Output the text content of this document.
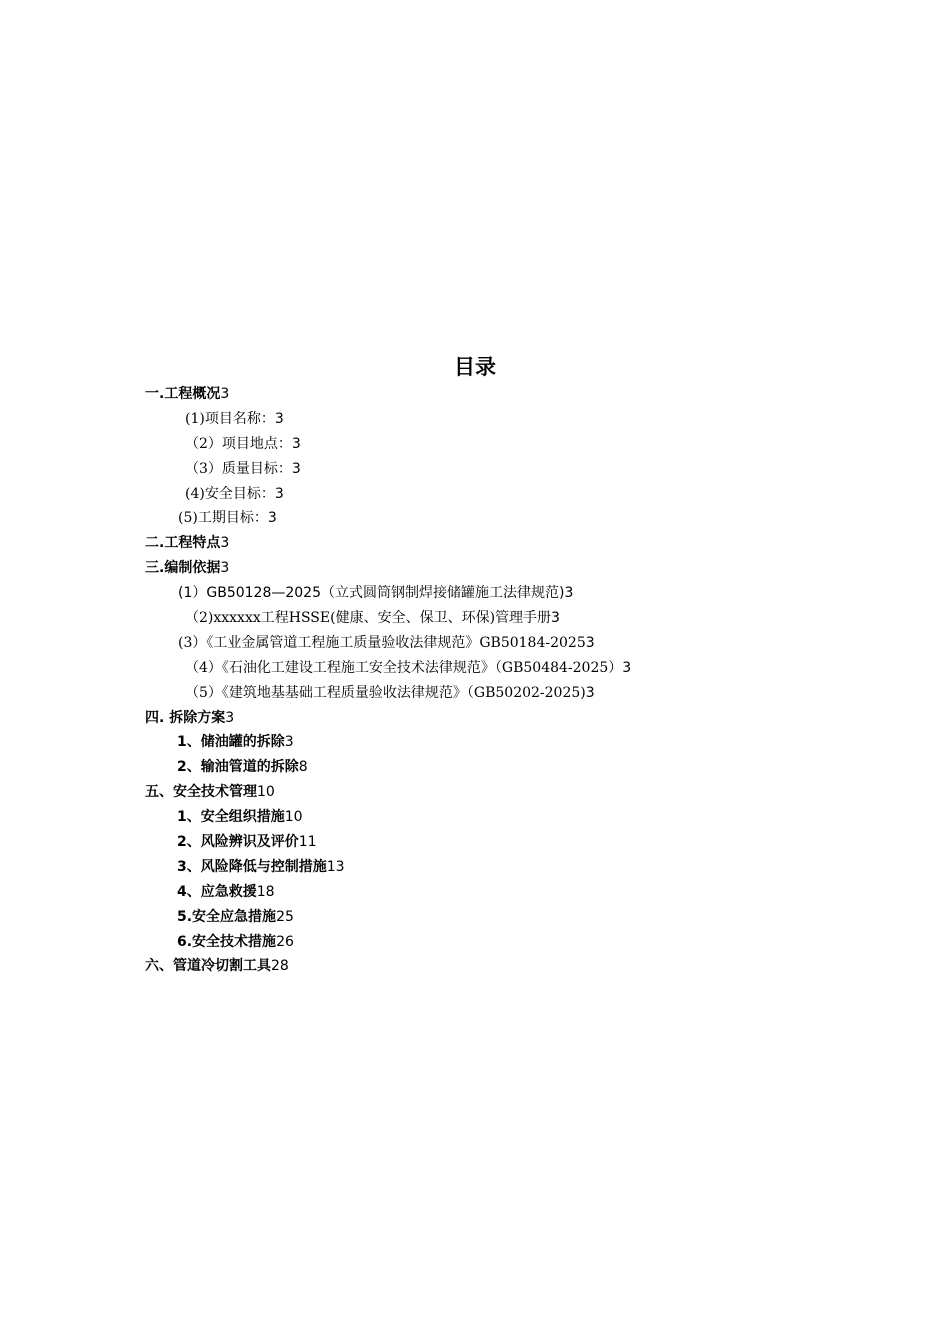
目录
一.工程概况3
(1)项目名称：3
（2）项目地点：3
（3）质量目标：3
(4)安全目标：3
(5)工期目标：3
二.工程特点3
三.编制依据3
(1）GB50128—2025（立式圆筒钢制焊接储罐施工法律规范)3
（2)xxxxxx工程HSSE(健康、安全、保卫、环保)管理手册3
(3）《工业金属管道工程施工质量验收法律规范》GB50184-20253
（4）《石油化工建设工程施工安全技术法律规范》（GB50484-2025）3
（5）《建筑地基基础工程质量验收法律规范》（GB50202-2025)3
四. 拆除方案3
1、储油罐的拆除3
2、输油管道的拆除8
五、安全技术管理10
1、安全组织措施10
2、风险辨识及评价11
3、风险降低与控制措施13
4、应急救援18
5.安全应急措施25
6.安全技术措施26
六、管道冷切割工具28
